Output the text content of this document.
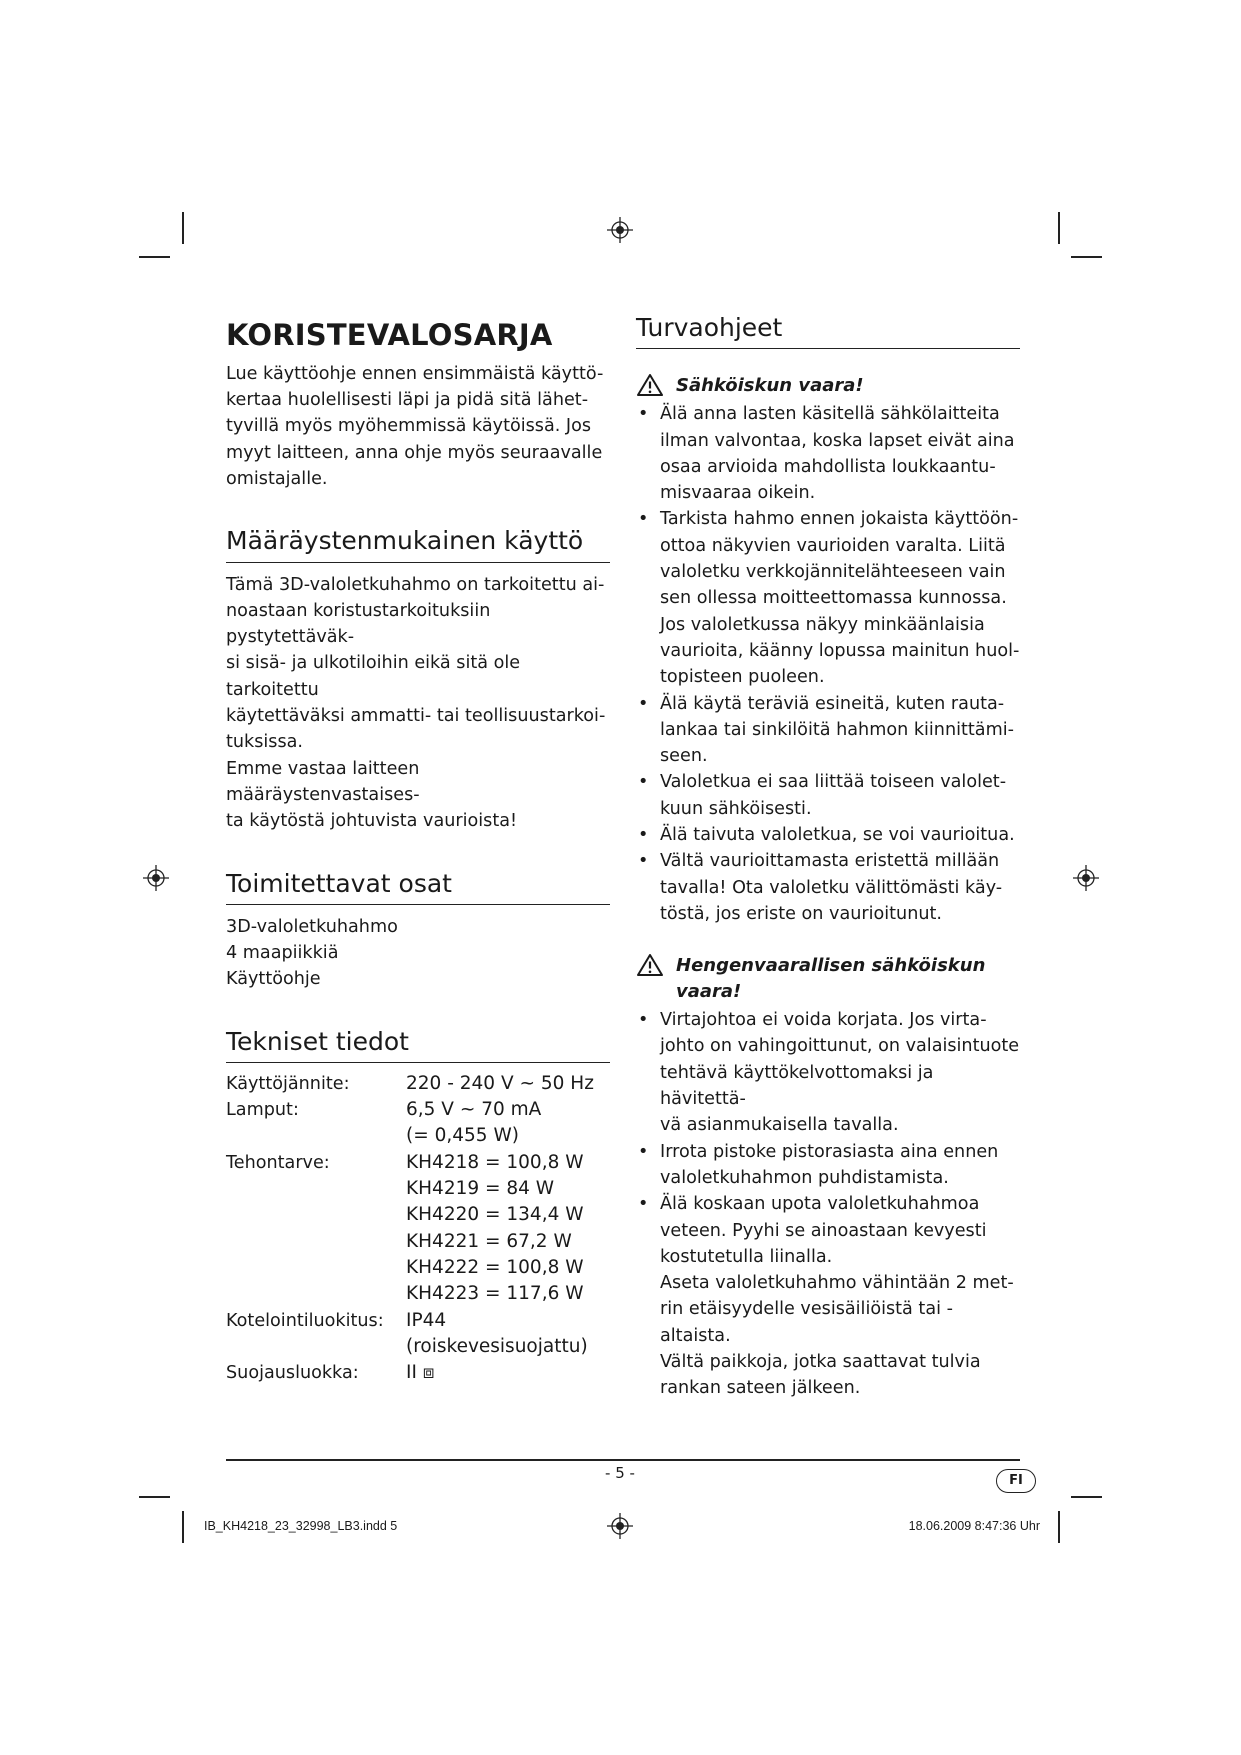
KORISTEVALOSARJA

Lue käyttöohje ennen ensimmäistä käyttö-
kertaa huolellisesti läpi ja pidä sitä lähet-
tyvillä myös myöhemmissä käytöissä. Jos
myyt laitteen, anna ohje myös seuraavalle
omistajalle.

Määräystenmukainen käyttö

Tämä 3D-valoletkuhahmo on tarkoitettu ai-
noastaan koristustarkoituksiin pystytettäväk-
si sisä- ja ulkotiloihin eikä sitä ole tarkoitettu
käytettäväksi ammatti- tai teollisuustarkoi-
tuksissa.
Emme vastaa laitteen määräystenvastaises-
ta käytöstä johtuvista vaurioista!

Toimitettavat osat

3D-valoletkuhahmo
4 maapiikkiä
Käyttöohje

Tekniset tiedot
Käyttöjännite:	220 - 240 V ~ 50 Hz
Lamput:	6,5 V ~ 70 mA
	(= 0,455 W)
Tehontarve:	KH4218 = 100,8 W
	KH4219 = 84 W
	KH4220 = 134,4 W
	KH4221 = 67,2 W
	KH4222 = 100,8 W
	KH4223 = 117,6 W
Kotelointiluokitus:	IP44
	(roiskevesisuojattu)
Suojausluokka:	II ⧈
Turvaohjeet
Sähköiskun vaara!
• Älä anna lasten käsitellä sähkölaitteita
ilman valvontaa, koska lapset eivät aina
osaa arvioida mahdollista loukkaantu-
misvaaraa oikein.
• Tarkista hahmo ennen jokaista käyttöön-
ottoa näkyvien vaurioiden varalta. Liitä
valoletku verkkojännitelähteeseen vain
sen ollessa moitteettomassa kunnossa.
Jos valoletkussa näkyy minkäänlaisia
vaurioita, käänny lopussa mainitun huol-
topisteen puoleen.
• Älä käytä teräviä esineitä, kuten rauta-
lankaa tai sinkilöitä hahmon kiinnittämi-
seen.
• Valoletkua ei saa liittää toiseen valolet-
kuun sähköisesti.
• Älä taivuta valoletkua, se voi vaurioitua.
• Vältä vaurioittamasta eristettä millään
tavalla! Ota valoletku välittömästi käy-
töstä, jos eriste on vaurioitunut.
Hengenvaarallisen sähköiskun
vaara!
• Virtajohtoa ei voida korjata. Jos virta-
johto on vahingoittunut, on valaisintuote
tehtävä käyttökelvottomaksi ja hävitettä-
vä asianmukaisella tavalla.
• Irrota pistoke pistorasiasta aina ennen
valoletkuhahmon puhdistamista.
• Älä koskaan upota valoletkuhahmoa
veteen. Pyyhi se ainoastaan kevyesti
kostutetulla liinalla.
Aseta valoletkuhahmo vähintään 2 met-
rin etäisyydelle vesisäiliöistä tai -altaista.
Vältä paikkoja, jotka saattavat tulvia
rankan sateen jälkeen.
- 5 -	FI
IB_KH4218_23_32998_LB3.indd 5	18.06.2009 8:47:36 Uhr
